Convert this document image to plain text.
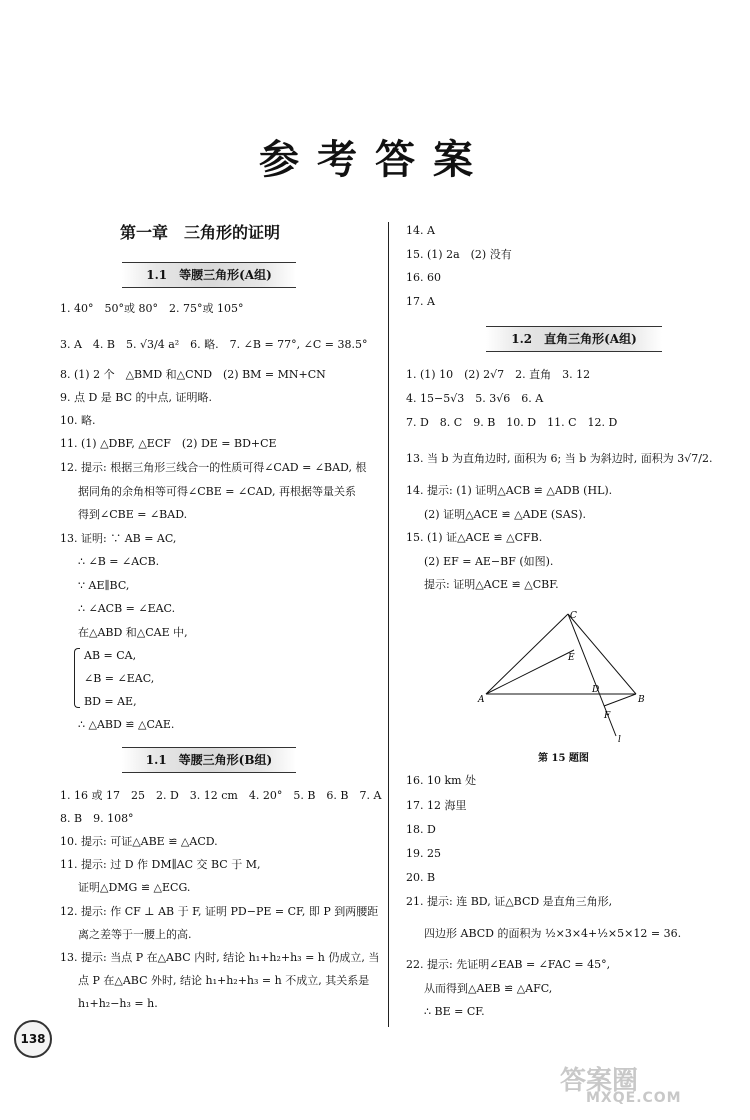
参考答案
第一章　三角形的证明
1.1　等腰三角形(A组)
1. 40°　50°或 80°　2. 75°或 105°
3. A　4. B　5. √3/4 a²　6. 略.　7. ∠B = 77°, ∠C = 38.5°
8. (1) 2 个　△BMD 和△CND　(2) BM = MN+CN
9. 点 D 是 BC 的中点, 证明略.
10. 略.
11. (1) △DBF, △ECF　(2) DE = BD+CE
12. 提示: 根据三角形三线合一的性质可得∠CAD = ∠BAD, 根
据同角的余角相等可得∠CBE = ∠CAD, 再根据等量关系
得到∠CBE = ∠BAD.
13. 证明: ∵ AB = AC,
∴ ∠B = ∠ACB.
∵ AE∥BC,
∴ ∠ACB = ∠EAC.
在△ABD 和△CAE 中,
AB = CA,
∠B = ∠EAC,
BD = AE,
∴ △ABD ≌ △CAE.
1.1　等腰三角形(B组)
1. 16 或 17　25　2. D　3. 12 cm　4. 20°　5. B　6. B　7. A
8. B　9. 108°
10. 提示: 可证△ABE ≌ △ACD.
11. 提示: 过 D 作 DM∥AC 交 BC 于 M,
证明△DMG ≌ △ECG.
12. 提示: 作 CF ⊥ AB 于 F, 证明 PD−PE = CF, 即 P 到两腰距
离之差等于一腰上的高.
13. 提示: 当点 P 在△ABC 内时, 结论 h₁+h₂+h₃ = h 仍成立, 当
点 P 在△ABC 外时, 结论 h₁+h₂+h₃ = h 不成立, 其关系是
h₁+h₂−h₃ = h.
14. A
15. (1) 2a　(2) 没有
16. 60
17. A
1.2　直角三角形(A组)
1. (1) 10　(2) 2√7　2. 直角　3. 12
4. 15−5√3　5. 3√6　6. A
7. D　8. C　9. B　10. D　11. C　12. D
13. 当 b 为直角边时, 面积为 6; 当 b 为斜边时, 面积为 3√7/2.
14. 提示: (1) 证明△ACB ≌ △ADB (HL).
(2) 证明△ACE ≌ △ADE (SAS).
15. (1) 证△ACE ≌ △CFB.
(2) EF = AE−BF (如图).
提示: 证明△ACE ≌ △CBF.
C
E
D
A	B
F
l
第 15 题图
16. 10 km 处
17. 12 海里
18. D
19. 25
20. B
21. 提示: 连 BD, 证△BCD 是直角三角形,
四边形 ABCD 的面积为 ½×3×4+½×5×12 = 36.
22. 提示: 先证明∠EAB = ∠FAC = 45°,
从而得到△AEB ≌ △AFC,
∴ BE = CF.
138
答案圈
MXQE.COM
